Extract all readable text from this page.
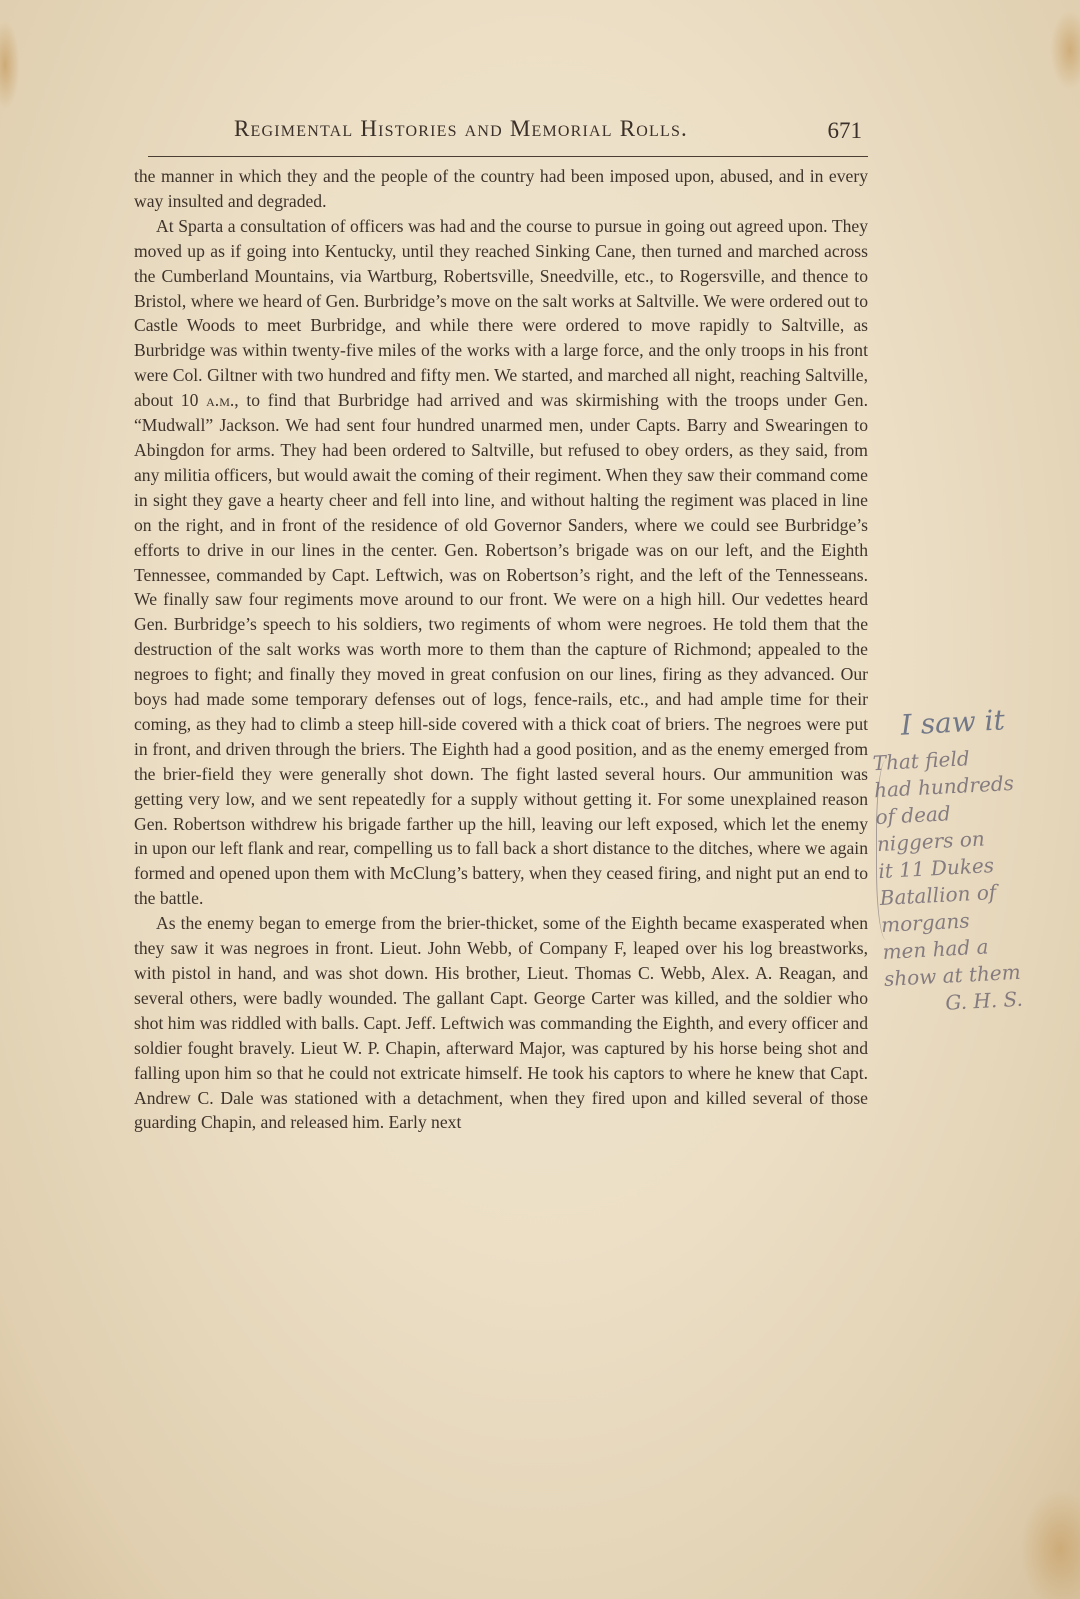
Regimental Histories and Memorial Rolls.	671

the manner in which they and the people of the country had been imposed upon, abused, and in every way insulted and degraded.

At Sparta a consultation of officers was had and the course to pursue in going out agreed upon. They moved up as if going into Kentucky, until they reached Sinking Cane, then turned and marched across the Cumberland Mountains, via Wartburg, Robertsville, Sneedville, etc., to Rogersville, and thence to Bristol, where we heard of Gen. Burbridge’s move on the salt works at Saltville. We were ordered out to Castle Woods to meet Burbridge, and while there were ordered to move rapidly to Saltville, as Burbridge was within twenty-five miles of the works with a large force, and the only troops in his front were Col. Giltner with two hundred and fifty men. We started, and marched all night, reaching Saltville, about 10 a.m., to find that Burbridge had arrived and was skirmishing with the troops under Gen. “Mudwall” Jackson. We had sent four hundred unarmed men, under Capts. Barry and Swearingen to Abingdon for arms. They had been ordered to Saltville, but refused to obey orders, as they said, from any militia officers, but would await the coming of their regiment. When they saw their command come in sight they gave a hearty cheer and fell into line, and without halting the regiment was placed in line on the right, and in front of the residence of old Governor Sanders, where we could see Burbridge’s efforts to drive in our lines in the center. Gen. Robertson’s brigade was on our left, and the Eighth Tennessee, commanded by Capt. Leftwich, was on Robertson’s right, and the left of the Tennesseans. We finally saw four regiments move around to our front. We were on a high hill. Our vedettes heard Gen. Burbridge’s speech to his soldiers, two regiments of whom were negroes. He told them that the destruction of the salt works was worth more to them than the capture of Richmond; appealed to the negroes to fight; and finally they moved in great confusion on our lines, firing as they advanced. Our boys had made some temporary defenses out of logs, fence-rails, etc., and had ample time for their coming, as they had to climb a steep hill-side covered with a thick coat of briers. The negroes were put in front, and driven through the briers. The Eighth had a good position, and as the enemy emerged from the brier-field they were generally shot down. The fight lasted several hours. Our ammunition was getting very low, and we sent repeatedly for a supply without getting it. For some unexplained reason Gen. Robertson withdrew his brigade farther up the hill, leaving our left exposed, which let the enemy in upon our left flank and rear, compelling us to fall back a short distance to the ditches, where we again formed and opened upon them with McClung’s battery, when they ceased firing, and night put an end to the battle.

As the enemy began to emerge from the brier-thicket, some of the Eighth became exasperated when they saw it was negroes in front. Lieut. John Webb, of Company F, leaped over his log breastworks, with pistol in hand, and was shot down. His brother, Lieut. Thomas C. Webb, Alex. A. Reagan, and several others, were badly wounded. The gallant Capt. George Carter was killed, and the soldier who shot him was riddled with balls. Capt. Jeff. Leftwich was commanding the Eighth, and every officer and soldier fought bravely. Lieut W. P. Chapin, afterward Major, was captured by his horse being shot and falling upon him so that he could not extricate himself. He took his captors to where he knew that Capt. Andrew C. Dale was stationed with a detachment, when they fired upon and killed several of those guarding Chapin, and released him. Early next

I saw it
That field
had hundreds
of dead
niggers on
it 11 Dukes
Batallion of
morgans
men had a
show at them
G. H. S.
